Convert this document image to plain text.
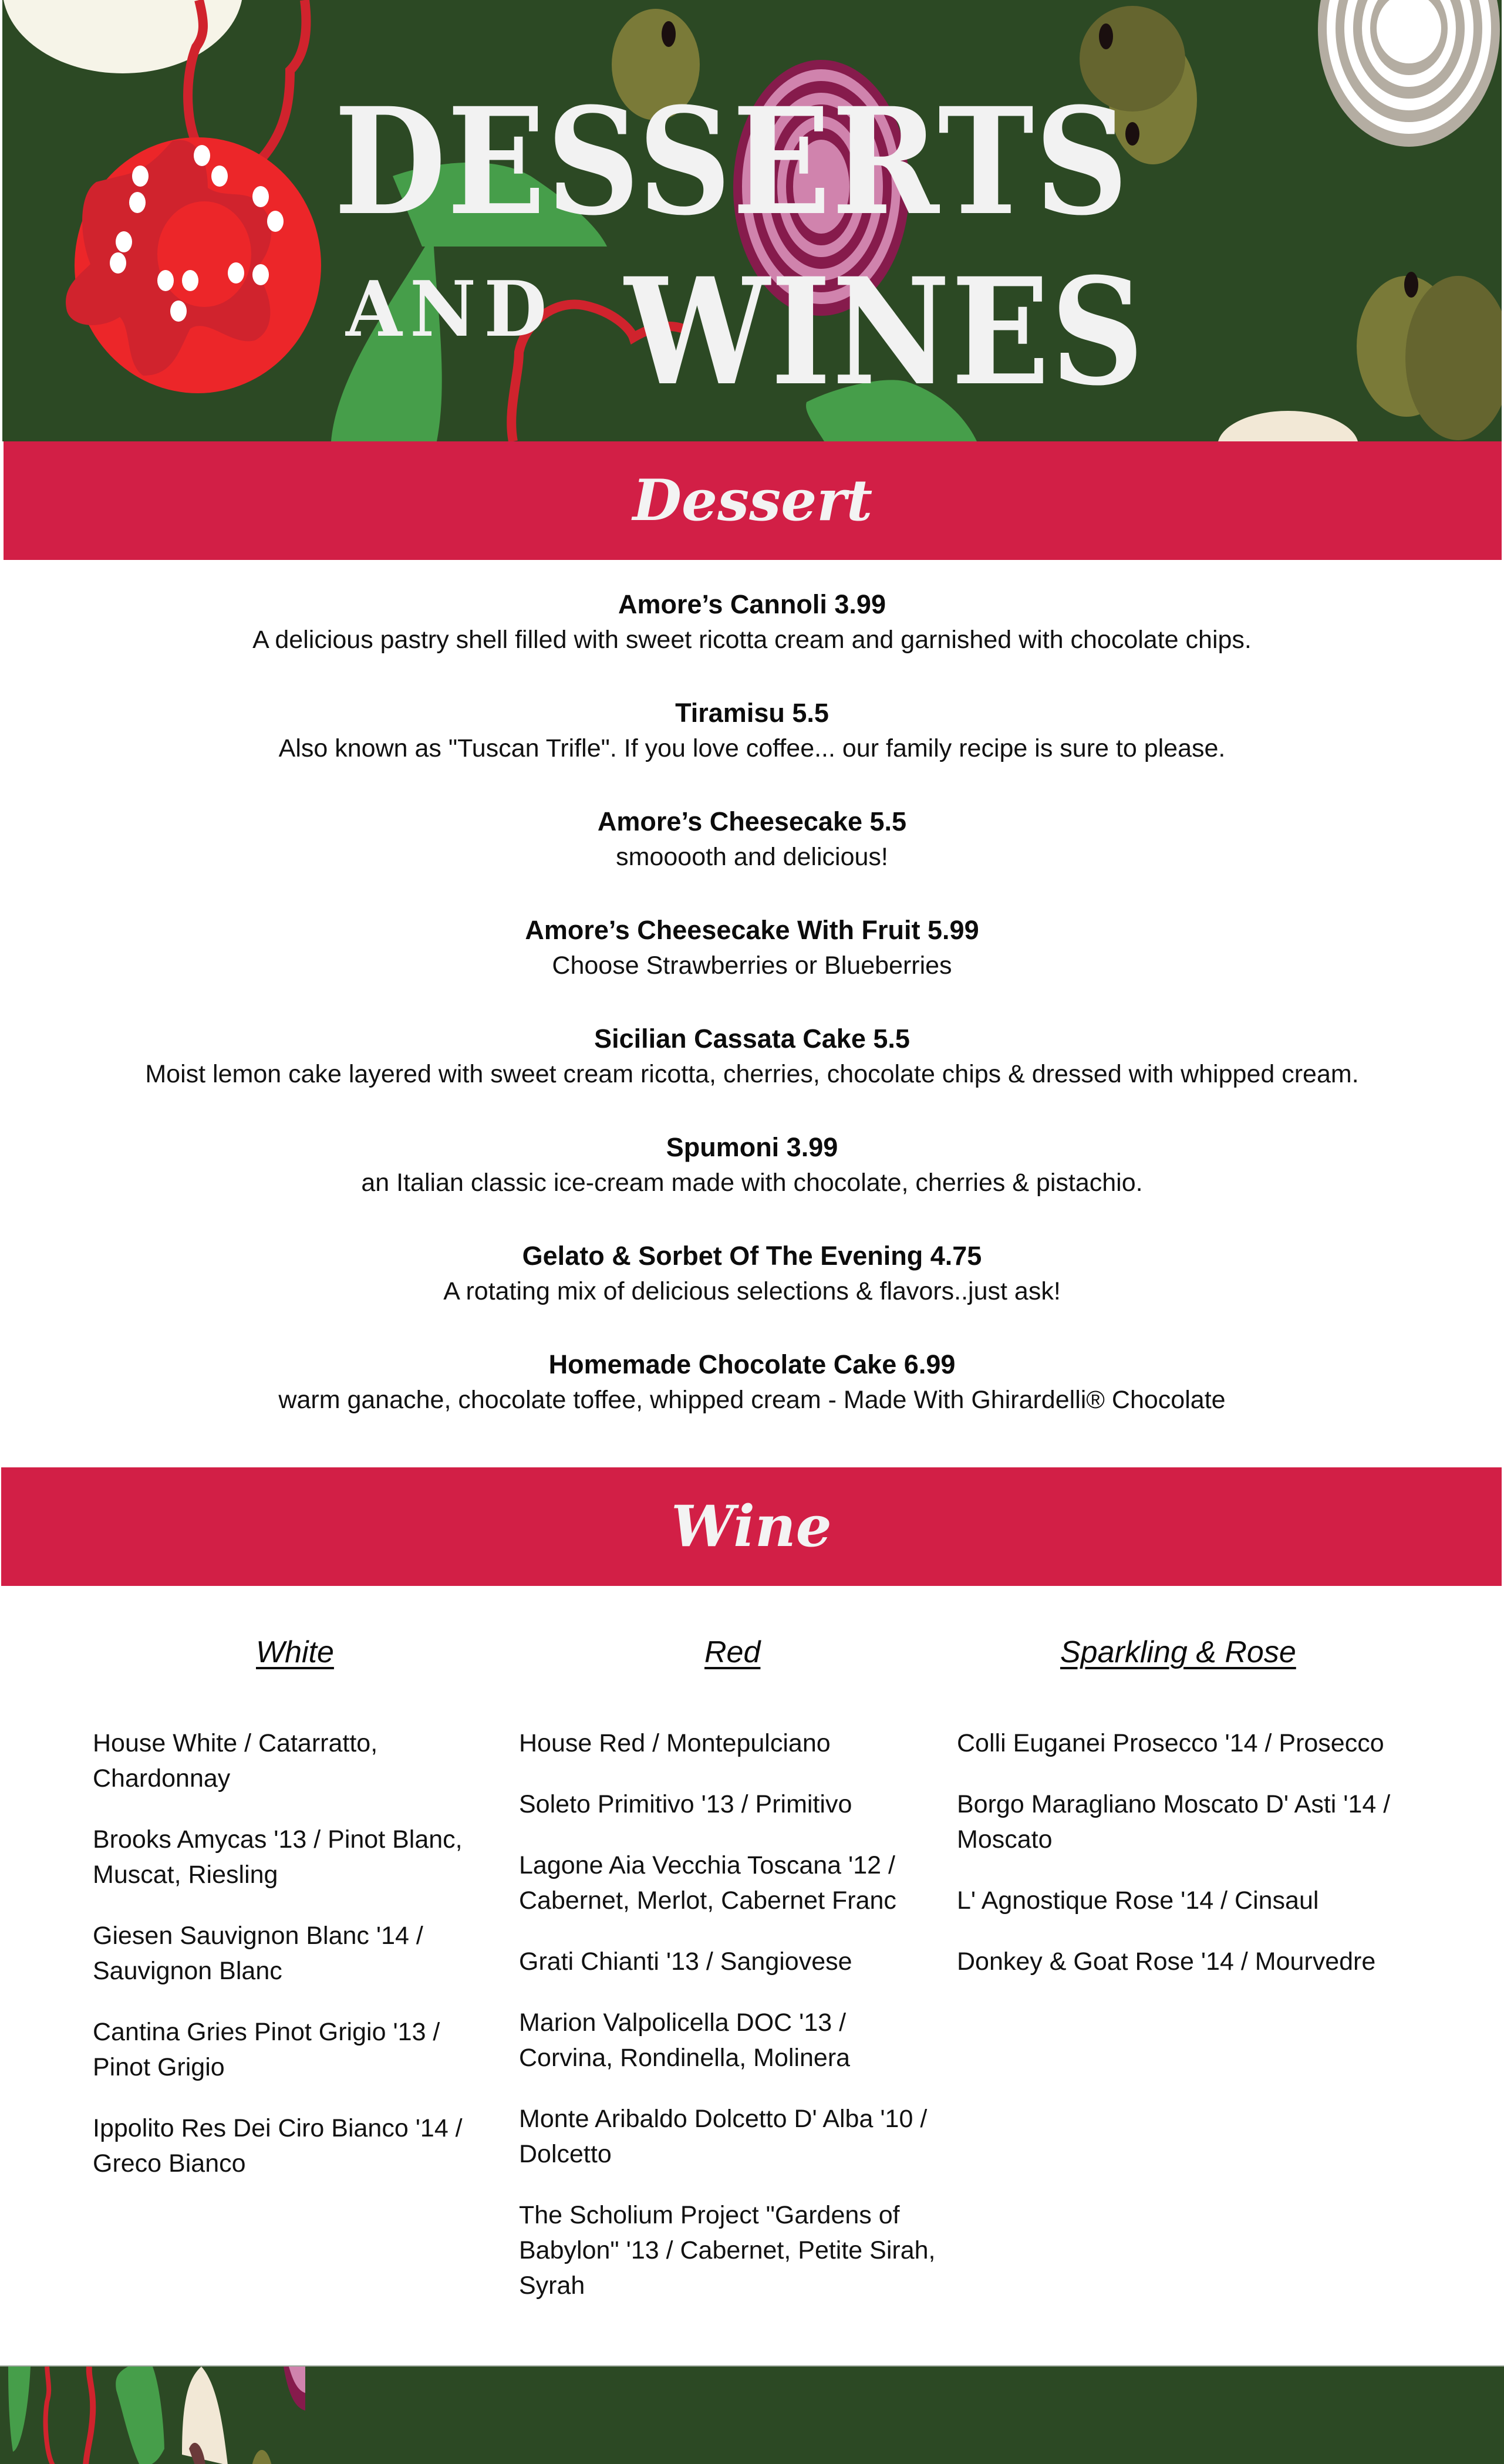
DESSERTS
AND WINES
Dessert
Amore’s Cannoli 3.99
A delicious pastry shell filled with sweet ricotta cream and garnished with chocolate chips.
Tiramisu 5.5
Also known as "Tuscan Trifle". If you love coffee... our family recipe is sure to please.
Amore’s Cheesecake 5.5
smooooth and delicious!
Amore’s Cheesecake With Fruit 5.99
Choose Strawberries or Blueberries
Sicilian Cassata Cake 5.5
Moist lemon cake layered with sweet cream ricotta, cherries, chocolate chips & dressed with whipped cream.
Spumoni 3.99
an Italian classic ice-cream made with chocolate, cherries & pistachio.
Gelato & Sorbet Of The Evening 4.75
A rotating mix of delicious selections & flavors..just ask!
Homemade Chocolate Cake 6.99
warm ganache, chocolate toffee, whipped cream - Made With Ghirardelli® Chocolate
Wine
White
House White / Catarratto, Chardonnay
Brooks Amycas '13 / Pinot Blanc, Muscat, Riesling
Giesen Sauvignon Blanc '14 / Sauvignon Blanc
Cantina Gries Pinot Grigio '13 / Pinot Grigio
Ippolito Res Dei Ciro Bianco '14 / Greco Bianco
Red
House Red / Montepulciano
Soleto Primitivo '13 / Primitivo
Lagone Aia Vecchia Toscana '12 / Cabernet, Merlot, Cabernet Franc
Grati Chianti '13 / Sangiovese
Marion Valpolicella DOC '13 / Corvina, Rondinella, Molinera
Monte Aribaldo Dolcetto D' Alba '10 / Dolcetto
The Scholium Project "Gardens of Babylon" '13 / Cabernet, Petite Sirah, Syrah
Sparkling & Rose
Colli Euganei Prosecco '14 / Prosecco
Borgo Maragliano Moscato D' Asti '14 / Moscato
L' Agnostique Rose '14 / Cinsaul
Donkey & Goat Rose '14 / Mourvedre
